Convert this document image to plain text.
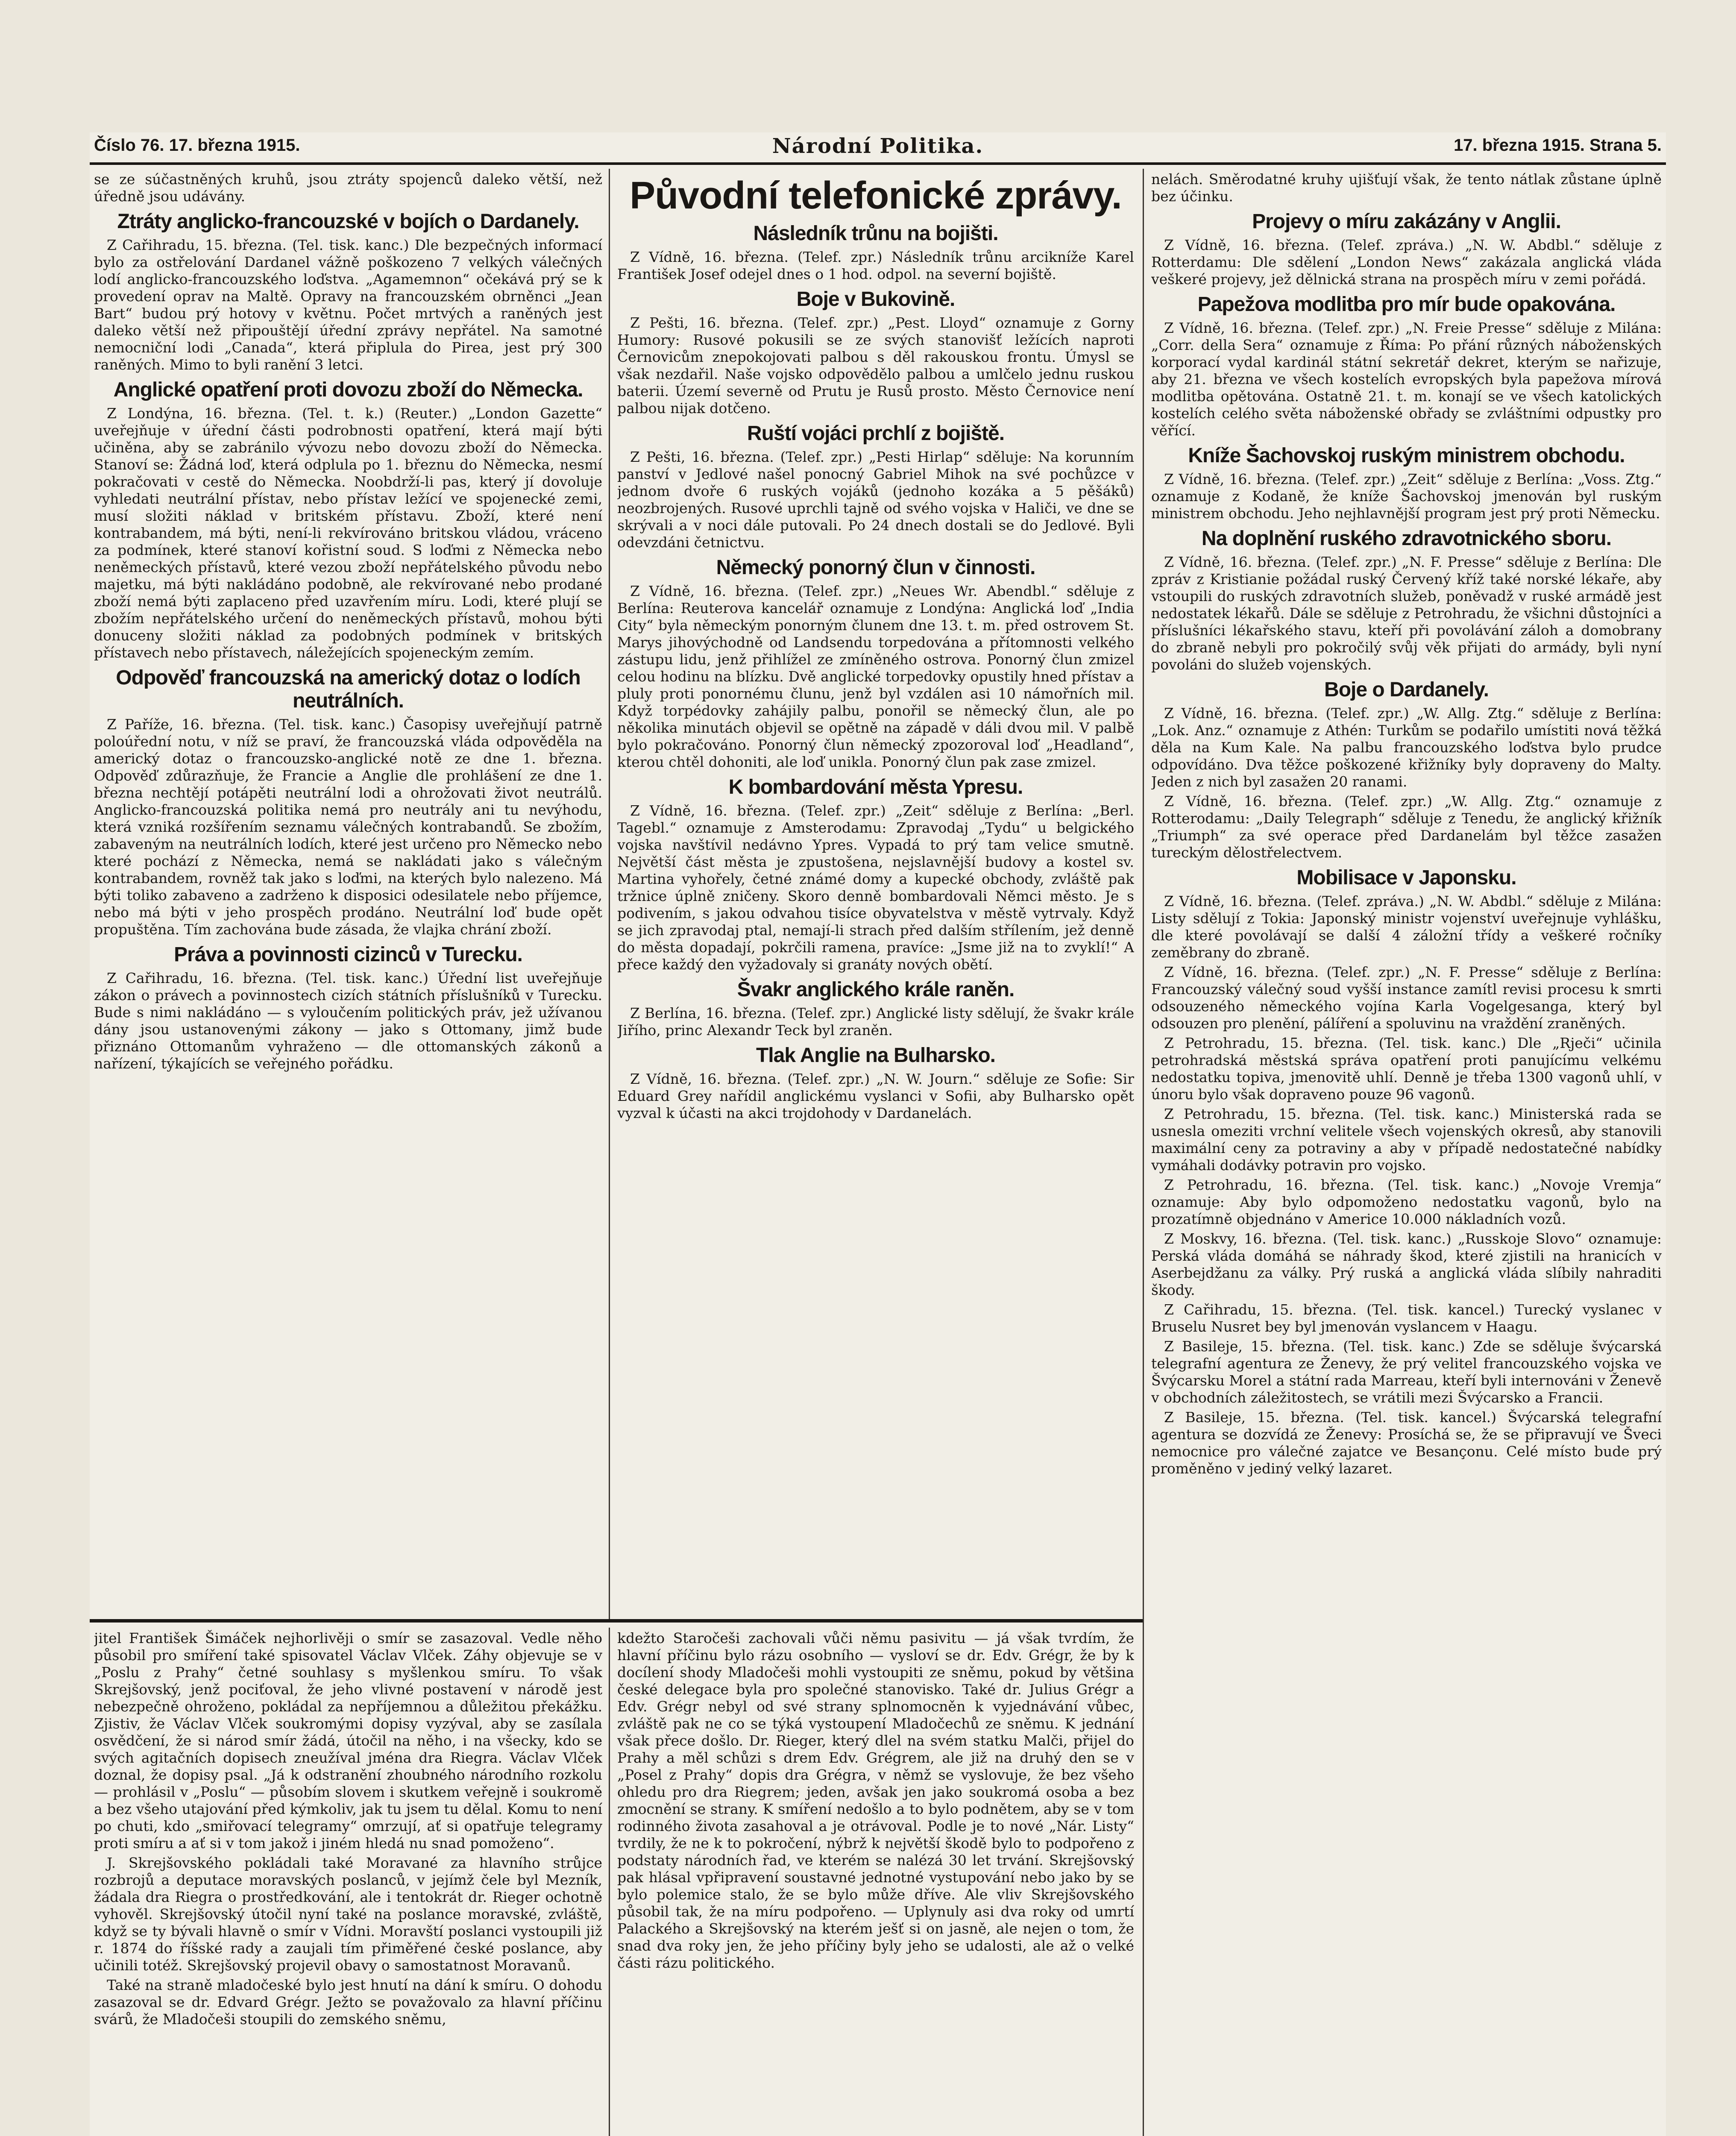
Číslo 76. 17. března 1915.	Národní Politika.	17. března 1915. Strana 5.

se ze súčastněných kruhů, jsou ztráty spojenců daleko větší, než úředně jsou udávány.

Ztráty anglicko-francouzské v bojích o Dardanely.

Z Cařihradu, 15. března. (Tel. tisk. kanc.) Dle bezpečných informací bylo za ostřelování Dardanel vážně poškozeno 7 velkých válečných lodí anglicko-francouzského loďstva. „Agamemnon“ očekává prý se k provedení oprav na Maltě. Opravy na francouzském obrněnci „Jean Bart“ budou prý hotovy v květnu. Počet mrtvých a raněných jest daleko větší než připouštějí úřední zprávy nepřátel. Na samotné nemocniční lodi „Canada“, která připlula do Pirea, jest prý 300 raněných. Mimo to byli ranění 3 letci.

Anglické opatření proti dovozu zboží do Německa.

Z Londýna, 16. března. (Tel. t. k.) (Reuter.) „London Gazette“ uveřejňuje v úřední části podrobnosti opatření, která mají býti učiněna, aby se zabránilo vývozu nebo dovozu zboží do Německa. Stanoví se: Žádná loď, která odplula po 1. březnu do Německa, nesmí pokračovati v cestě do Německa. Noobdrží-li pas, který jí dovoluje vyhledati neutrální přístav, nebo přístav ležící ve spojenecké zemi, musí složiti náklad v britském přístavu. Zboží, které není kontrabandem, má býti, není-li rekvírováno britskou vládou, vráceno za podmínek, které stanoví kořistní soud. S loďmi z Německa nebo neněmeckých přístavů, které vezou zboží nepřátelského původu nebo majetku, má býti nakládáno podobně, ale rekvírované nebo prodané zboží nemá býti zaplaceno před uzavřením míru. Lodi, které plují se zbožím nepřátelského určení do neněmeckých přístavů, mohou býti donuceny složiti náklad za podobných podmínek v britských přístavech nebo přístavech, náležejících spojeneckým zemím.

Odpověď francouzská na americký dotaz o lodích neutrálních.

Z Paříže, 16. března. (Tel. tisk. kanc.) Časopisy uveřejňují patrně poloúřední notu, v níž se praví, že francouzská vláda odpověděla na americký dotaz o francouzsko-anglické notě ze dne 1. března. Odpověď zdůrazňuje, že Francie a Anglie dle prohlášení ze dne 1. března nechtějí potápěti neutrální lodi a ohrožovati život neutrálů. Anglicko-francouzská politika nemá pro neutrály ani tu nevýhodu, která vzniká rozšířením seznamu válečných kontrabandů. Se zbožím, zabaveným na neutrálních lodích, které jest určeno pro Německo nebo které pochází z Německa, nemá se nakládati jako s válečným kontrabandem, rovněž tak jako s loďmi, na kterých bylo nalezeno. Má býti toliko zabaveno a zadrženo k disposici odesilatele nebo příjemce, nebo má býti v jeho prospěch prodáno. Neutrální loď bude opět propuštěna. Tím zachována bude zásada, že vlajka chrání zboží.

Práva a povinnosti cizinců v Turecku.

Z Cařihradu, 16. března. (Tel. tisk. kanc.) Úřední list uveřejňuje zákon o právech a povinnostech cizích státních příslušníků v Turecku. Bude s nimi nakládáno — s vyloučením politických práv, jež užívanou dány jsou ustanovenými zákony — jako s Ottomany, jimž bude přiznáno Ottomanům vyhraženo — dle ottomanských zákonů a nařízení, týkajících se veřejného pořádku.

Původní telefonické zprávy.
Následník trůnu na bojišti.

Z Vídně, 16. března. (Telef. zpr.) Následník trůnu arcikníže Karel František Josef odejel dnes o 1 hod. odpol. na severní bojiště.

Boje v Bukovině.

Z Pešti, 16. března. (Telef. zpr.) „Pest. Lloyd“ oznamuje z Gorny Humory: Rusové pokusili se ze svých stanovišť ležících naproti Černovicům znepokojovati palbou s děl rakouskou frontu. Úmysl se však nezdařil. Naše vojsko odpovědělo palbou a umlčelo jednu ruskou baterii. Území severně od Prutu je Rusů prosto. Město Černovice není palbou nijak dotčeno.

Ruští vojáci prchlí z bojiště.

Z Pešti, 16. března. (Telef. zpr.) „Pesti Hirlap“ sděluje: Na korunním panství v Jedlové našel ponocný Gabriel Mihok na své pochůzce v jednom dvoře 6 ruských vojáků (jednoho kozáka a 5 pěšáků) neozbrojených. Rusové uprchli tajně od svého vojska v Haliči, ve dne se skrývali a v noci dále putovali. Po 24 dnech dostali se do Jedlové. Byli odevzdáni četnictvu.

Německý ponorný člun v činnosti.

Z Vídně, 16. března. (Telef. zpr.) „Neues Wr. Abendbl.“ sděluje z Berlína: Reuterova kancelář oznamuje z Londýna: Anglická loď „India City“ byla německým ponorným člunem dne 13. t. m. před ostrovem St. Marys jihovýchodně od Landsendu torpedována a přítomnosti velkého zástupu lidu, jenž přihlížel ze zmíněného ostrova. Ponorný člun zmizel celou hodinu na blízku. Dvě anglické torpedovky opustily hned přístav a pluly proti ponornému člunu, jenž byl vzdálen asi 10 námořních mil. Když torpédovky zahájily palbu, ponořil se německý člun, ale po několika minutách objevil se opětně na západě v dáli dvou mil. V palbě bylo pokračováno. Ponorný člun německý zpozoroval loď „Headland“, kterou chtěl dohoniti, ale loď unikla. Ponorný člun pak zase zmizel.

K bombardování města Ypresu.

Z Vídně, 16. března. (Telef. zpr.) „Zeit“ sděluje z Berlína: „Berl. Tagebl.“ oznamuje z Amsterodamu: Zpravodaj „Tydu“ u belgického vojska navštívil nedávno Ypres. Vypadá to prý tam velice smutně. Největší část města je zpustošena, nejslavnější budovy a kostel sv. Martina vyhořely, četné známé domy a kupecké obchody, zvláště pak tržnice úplně zničeny. Skoro denně bombardovali Němci město. Je s podivením, s jakou odvahou tisíce obyvatelstva v městě vytrvaly. Když se jich zpravodaj ptal, nemají-li strach před dalším střílením, jež denně do města dopadají, pokrčili ramena, pravíce: „Jsme již na to zvyklí!“ A přece každý den vyžadovaly si granáty nových obětí.

Švakr anglického krále raněn.

Z Berlína, 16. března. (Telef. zpr.) Anglické listy sdělují, že švakr krále Jiřího, princ Alexandr Teck byl zraněn.

Tlak Anglie na Bulharsko.

Z Vídně, 16. března. (Telef. zpr.) „N. W. Journ.“ sděluje ze Sofie: Sir Eduard Grey nařídil anglickému vyslanci v Sofii, aby Bulharsko opět vyzval k účasti na akci trojdohody v Dardanelách.

nelách. Směrodatné kruhy ujišťují však, že tento nátlak zůstane úplně bez účinku.

Projevy o míru zakázány v Anglii.

Z Vídně, 16. března. (Telef. zpráva.) „N. W. Abdbl.“ sděluje z Rotterdamu: Dle sdělení „London News“ zakázala anglická vláda veškeré projevy, jež dělnická strana na prospěch míru v zemi pořádá.

Papežova modlitba pro mír bude opakována.

Z Vídně, 16. března. (Telef. zpr.) „N. Freie Presse“ sděluje z Milána: „Corr. della Sera“ oznamuje z Říma: Po přání různých náboženských korporací vydal kardinál státní sekretář dekret, kterým se nařizuje, aby 21. března ve všech kostelích evropských byla papežova mírová modlitba opětována. Ostatně 21. t. m. konají se ve všech katolických kostelích celého světa náboženské obřady se zvláštními odpustky pro věřící.

Kníže Šachovskoj ruským ministrem obchodu.

Z Vídně, 16. března. (Telef. zpr.) „Zeit“ sděluje z Berlína: „Voss. Ztg.“ oznamuje z Kodaně, že kníže Šachovskoj jmenován byl ruským ministrem obchodu. Jeho nejhlavnější program jest prý proti Německu.

Na doplnění ruského zdravotnického sboru.

Z Vídně, 16. března. (Telef. zpr.) „N. F. Presse“ sděluje z Berlína: Dle zpráv z Kristianie požádal ruský Červený kříž také norské lékaře, aby vstoupili do ruských zdravotních služeb, poněvadž v ruské armádě jest nedostatek lékařů. Dále se sděluje z Petrohradu, že všichni důstojníci a příslušníci lékařského stavu, kteří při povolávání záloh a domobrany do zbraně nebyli pro pokročilý svůj věk přijati do armády, byli nyní povoláni do služeb vojenských.

Boje o Dardanely.

Z Vídně, 16. března. (Telef. zpr.) „W. Allg. Ztg.“ sděluje z Berlína: „Lok. Anz.“ oznamuje z Athén: Turkům se podařilo umístiti nová těžká děla na Kum Kale. Na palbu francouzského loďstva bylo prudce odpovídáno. Dva těžce poškozené křižníky byly dopraveny do Malty. Jeden z nich byl zasažen 20 ranami.

Z Vídně, 16. března. (Telef. zpr.) „W. Allg. Ztg.“ oznamuje z Rotterodamu: „Daily Telegraph“ sděluje z Tenedu, že anglický křižník „Triumph“ za své operace před Dardanelám byl těžce zasažen tureckým dělostřelectvem.

Mobilisace v Japonsku.

Z Vídně, 16. března. (Telef. zpráva.) „N. W. Abdbl.“ sděluje z Milána: Listy sdělují z Tokia: Japonský ministr vojenství uveřejnuje vyhlášku, dle které povolávají se další 4 záložní třídy a veškeré ročníky zeměbrany do zbraně.

Z Vídně, 16. března. (Telef. zpr.) „N. F. Presse“ sděluje z Berlína: Francouzský válečný soud vyšší instance zamítl revisi procesu k smrti odsouzeného německého vojína Karla Vogelgesanga, který byl odsouzen pro plenění, pálíření a spoluvinu na vraždění zraněných.

Z Petrohradu, 15. března. (Tel. tisk. kanc.) Dle „Rječi“ učinila petrohradská městská správa opatření proti panujícímu velkému nedostatku topiva, jmenovitě uhlí. Denně je třeba 1300 vagonů uhlí, v únoru bylo však dopraveno pouze 96 vagonů.

Z Petrohradu, 15. března. (Tel. tisk. kanc.) Ministerská rada se usnesla omeziti vrchní velitele všech vojenských okresů, aby stanovili maximální ceny za potraviny a aby v případě nedostatečné nabídky vymáhali dodávky potravin pro vojsko.

Z Petrohradu, 16. března. (Tel. tisk. kanc.) „Novoje Vremja“ oznamuje: Aby bylo odpomoženo nedostatku vagonů, bylo na prozatímně objednáno v Americe 10.000 nákladních vozů.

Z Moskvy, 16. března. (Tel. tisk. kanc.) „Russkoje Slovo“ oznamuje: Perská vláda domáhá se náhrady škod, které zjistili na hranicích v Aserbejdžanu za války. Prý ruská a anglická vláda slíbily nahraditi škody.

Z Cařihradu, 15. března. (Tel. tisk. kancel.) Turecký vyslanec v Bruselu Nusret bey byl jmenován vyslancem v Haagu.

Z Basileje, 15. března. (Tel. tisk. kanc.) Zde se sděluje švýcarská telegrafní agentura ze Ženevy, že prý velitel francouzského vojska ve Švýcarsku Morel a státní rada Marreau, kteří byli internováni v Ženevě v obchodních záležitostech, se vrátili mezi Švýcarsko a Francii.

Z Basileje, 15. března. (Tel. tisk. kancel.) Švýcarská telegrafní agentura se dozvídá ze Ženevy: Prosíchá se, že se připravují ve Šveci nemocnice pro válečné zajatce ve Besançonu. Celé místo bude prý proměněno v jediný velký lazaret.

jitel František Šimáček nejhorlivěji o smír se zasazoval. Vedle něho působil pro smíření také spisovatel Václav Vlček. Záhy objevuje se v „Poslu z Prahy“ četné souhlasy s myšlenkou smíru. To však Skrejšovský, jenž pociťoval, že jeho vlivné postavení v národě jest nebezpečně ohroženo, pokládal za nepříjemnou a důležitou překážku. Zjistiv, že Václav Vlček soukromými dopisy vyzýval, aby se zasílala osvědčení, že si národ smír žádá, útočil na něho, i na všecky, kdo se svých agitačních dopisech zneužíval jména dra Riegra. Václav Vlček doznal, že dopisy psal. „Já k odstranění zhoubného národního rozkolu — prohlásil v „Poslu“ — působím slovem i skutkem veřejně i soukromě a bez všeho utajování před kýmkoliv, jak tu jsem tu dělal. Komu to není po chuti, kdo „smiřovací telegramy“ omrzují, ať si opatřuje telegramy proti smíru a ať si v tom jakož i jiném hledá nu snad pomoženo“.

J. Skrejšovského pokládali také Moravané za hlavního strůjce rozbrojů a deputace moravských poslanců, v jejímž čele byl Mezník, žádala dra Riegra o prostředkování, ale i tentokrát dr. Rieger ochotně vyhověl. Skrejšovský útočil nyní také na poslance moravské, zvláště, když se ty bývali hlavně o smír v Vídni. Moravští poslanci vystoupili již r. 1874 do říšské rady a zaujali tím přiměřené české poslance, aby učinili totéž. Skrejšovský projevil obavy o samostatnost Moravanů.

Také na straně mladočeské bylo jest hnutí na dání k smíru. O dohodu zasazoval se dr. Edvard Grégr. Ježto se považovalo za hlavní příčinu svárů, že Mladočeši stoupili do zemského sněmu,

kdežto Staročeši zachovali vůči němu pasivitu — já však tvrdím, že hlavní příčinu bylo rázu osobního — vysloví se dr. Edv. Grégr, že by k docílení shody Mladočeši mohli vystoupiti ze sněmu, pokud by většina české delegace byla pro společné stanovisko. Také dr. Julius Grégr a Edv. Grégr nebyl od své strany splnomocněn k vyjednávání vůbec, zvláště pak ne co se týká vystoupení Mladočechů ze sněmu. K jednání však přece došlo. Dr. Rieger, který dlel na svém statku Malči, přijel do Prahy a měl schůzi s drem Edv. Grégrem, ale již na druhý den se v „Posel z Prahy“ dopis dra Grégra, v němž se vyslovuje, že bez všeho ohledu pro dra Riegrem; jeden, avšak jen jako soukromá osoba a bez zmocnění se strany. K smíření nedošlo a to bylo podnětem, aby se v tom rodinného života zasahoval a je otrávoval. Podle je to nové „Nár. Listy“ tvrdily, že ne k to pokročení, nýbrž k největší škodě bylo to podpořeno z podstaty národních řad, ve kterém se nalézá 30 let trvání. Skrejšovský pak hlásal vpřipravení soustavné jednotné vystupování nebo jako by se bylo polemice stalo, že se bylo může dříve. Ale vliv Skrejšovského působil tak, že na míru podpořeno. — Uplynuly asi dva roky od umrtí Palackého a Skrejšovský na kterém ješť si on jasně, ale nejen o tom, že snad dva roky jen, že jeho příčiny byly jeho se udalosti, ale až o velké části rázu politického.
